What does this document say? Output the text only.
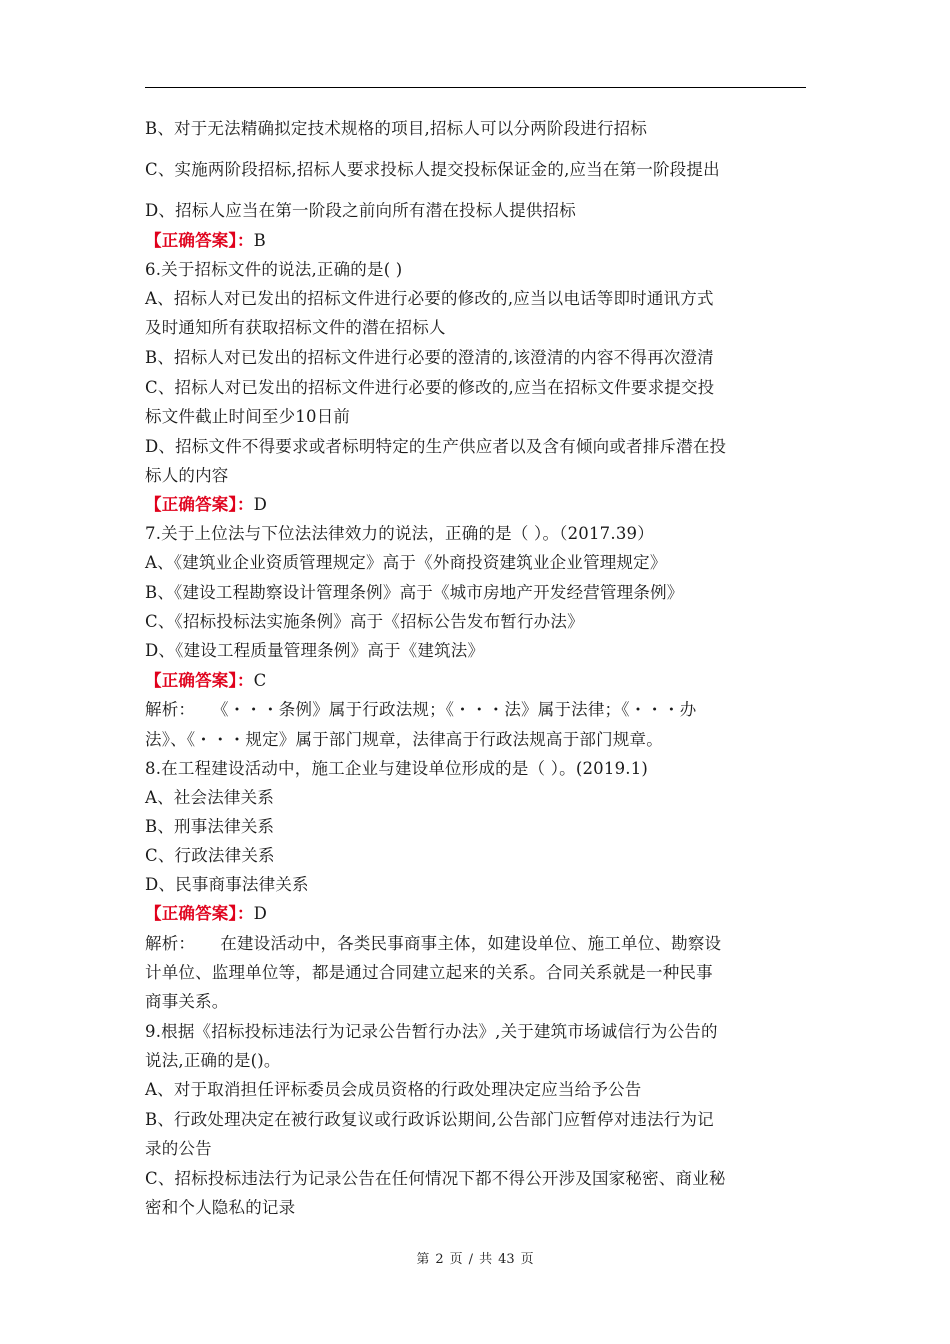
B、对于无法精确拟定技术规格的项目,招标人可以分两阶段进行招标
C、实施两阶段招标,招标人要求投标人提交投标保证金的,应当在第一阶段提出
D、招标人应当在第一阶段之前向所有潜在投标人提供招标
【正确答案】：B
6.关于招标文件的说法,正确的是( )
A、招标人对已发出的招标文件进行必要的修改的,应当以电话等即时通讯方式
及时通知所有获取招标文件的潜在招标人
B、招标人对已发出的招标文件进行必要的澄清的,该澄清的内容不得再次澄清
C、招标人对已发出的招标文件进行必要的修改的,应当在招标文件要求提交投
标文件截止时间至少10日前
D、招标文件不得要求或者标明特定的生产供应者以及含有倾向或者排斥潜在投
标人的内容
【正确答案】：D
7.关于上位法与下位法法律效力的说法，正确的是（ ）。（2017.39）
A、《建筑业企业资质管理规定》高于《外商投资建筑业企业管理规定》
B、《建设工程勘察设计管理条例》高于《城市房地产开发经营管理条例》
C、《招标投标法实施条例》高于《招标公告发布暂行办法》
D、《建设工程质量管理条例》高于《建筑法》
【正确答案】：C
解析：　　《・・・条例》属于行政法规；《・・・法》属于法律；《・・・办
法》、《・・・规定》属于部门规章，法律高于行政法规高于部门规章。
8.在工程建设活动中，施工企业与建设单位形成的是（ ）。(2019.1)
A、社会法律关系
B、刑事法律关系
C、行政法律关系
D、民事商事法律关系
【正确答案】：D
解析：　　在建设活动中，各类民事商事主体，如建设单位、施工单位、勘察设
计单位、监理单位等，都是通过合同建立起来的关系。合同关系就是一种民事
商事关系。
9.根据《招标投标违法行为记录公告暂行办法》,关于建筑市场诚信行为公告的
说法,正确的是()。
A、对于取消担任评标委员会成员资格的行政处理决定应当给予公告
B、行政处理决定在被行政复议或行政诉讼期间,公告部门应暂停对违法行为记
录的公告
C、招标投标违法行为记录公告在任何情况下都不得公开涉及国家秘密、商业秘
密和个人隐私的记录
第 2 页 / 共 43 页
